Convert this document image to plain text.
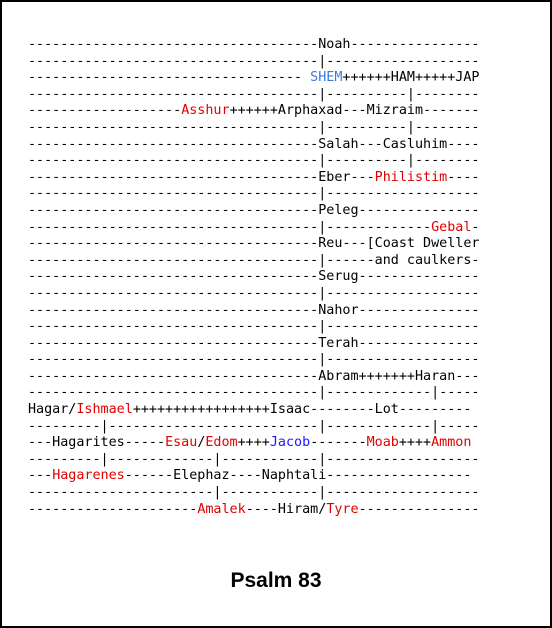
------------------------------------Noah----------------
------------------------------------|-------------------
---------------------------------- SHEM++++++HAM+++++JAP
------------------------------------|----------|--------
-------------------Asshur++++++Arphaxad---Mizraim-------
------------------------------------|----------|--------
------------------------------------Salah---Casluhim----
------------------------------------|----------|--------
------------------------------------Eber---Philistim----
------------------------------------|-------------------
------------------------------------Peleg---------------
------------------------------------|-------------Gebal-
------------------------------------Reu---[Coast Dweller
------------------------------------|------and caulkers-
------------------------------------Serug---------------
------------------------------------|-------------------
------------------------------------Nahor---------------
------------------------------------|-------------------
------------------------------------Terah---------------
------------------------------------|-------------------
------------------------------------Abram+++++++Haran---
------------------------------------|-------------|-----
Hagar/Ishmael+++++++++++++++++Isaac--------Lot---------
---------|--------------------------|-------------|-----
---Hagarites-----Esau/Edom++++Jacob-------Moab++++Ammon
---------|-------------|------------|-------------------
---Hagarenes------Elephaz----Naphtali------------------
-----------------------|------------|-------------------
---------------------Amalek----Hiram/Tyre---------------
Psalm 83
